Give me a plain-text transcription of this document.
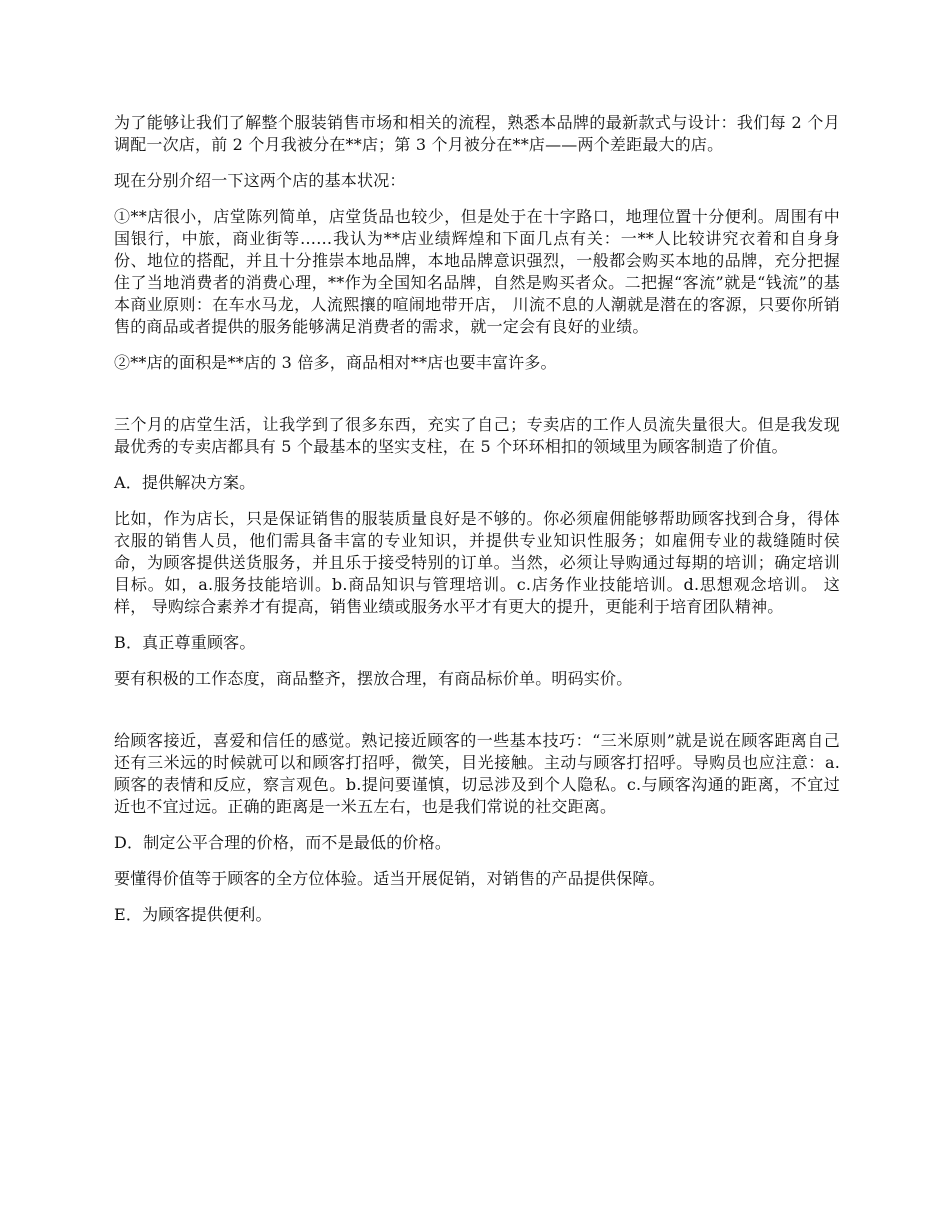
为了能够让我们了解整个服装销售市场和相关的流程，熟悉本品牌的最新款式与设计：我们每 2 个月调配一次店，前 2 个月我被分在**店；第 3 个月被分在**店——两个差距最大的店。

现在分别介绍一下这两个店的基本状况：

①**店很小，店堂陈列简单，店堂货品也较少，但是处于在十字路口，地理位置十分便利。周围有中国银行，中旅，商业街等……我认为**店业绩辉煌和下面几点有关：一**人比较讲究衣着和自身身份、地位的搭配，并且十分推崇本地品牌，本地品牌意识强烈，一般都会购买本地的品牌，充分把握住了当地消费者的消费心理，**作为全国知名品牌，自然是购买者众。二把握“客流”就是“钱流”的基本商业原则：在车水马龙，人流熙攘的喧闹地带开店， 川流不息的人潮就是潜在的客源，只要你所销售的商品或者提供的服务能够满足消费者的需求，就一定会有良好的业绩。

②**店的面积是**店的 3 倍多，商品相对**店也要丰富许多。

三个月的店堂生活，让我学到了很多东西，充实了自己；专卖店的工作人员流失量很大。但是我发现最优秀的专卖店都具有 5 个最基本的坚实支柱，在 5 个环环相扣的领域里为顾客制造了价值。

A．提供解决方案。

比如，作为店长，只是保证销售的服装质量良好是不够的。你必须雇佣能够帮助顾客找到合身，得体衣服的销售人员，他们需具备丰富的专业知识，并提供专业知识性服务；如雇佣专业的裁缝随时侯命，为顾客提供送货服务，并且乐于接受特别的订单。当然，必须让导购通过每期的培训；确定培训目标。如，a.服务技能培训。b.商品知识与管理培训。c.店务作业技能培训。d.思想观念培训。 这样， 导购综合素养才有提高，销售业绩或服务水平才有更大的提升，更能利于培育团队精神。

B．真正尊重顾客。

要有积极的工作态度，商品整齐，摆放合理，有商品标价单。明码实价。

给顾客接近，喜爱和信任的感觉。熟记接近顾客的一些基本技巧：“三米原则”就是说在顾客距离自己还有三米远的时候就可以和顾客打招呼，微笑，目光接触。主动与顾客打招呼。导购员也应注意：a.顾客的表情和反应，察言观色。b.提问要谨慎，切忌涉及到个人隐私。c.与顾客沟通的距离，不宜过近也不宜过远。正确的距离是一米五左右，也是我们常说的社交距离。

D．制定公平合理的价格，而不是最低的价格。

要懂得价值等于顾客的全方位体验。适当开展促销，对销售的产品提供保障。

E．为顾客提供便利。
